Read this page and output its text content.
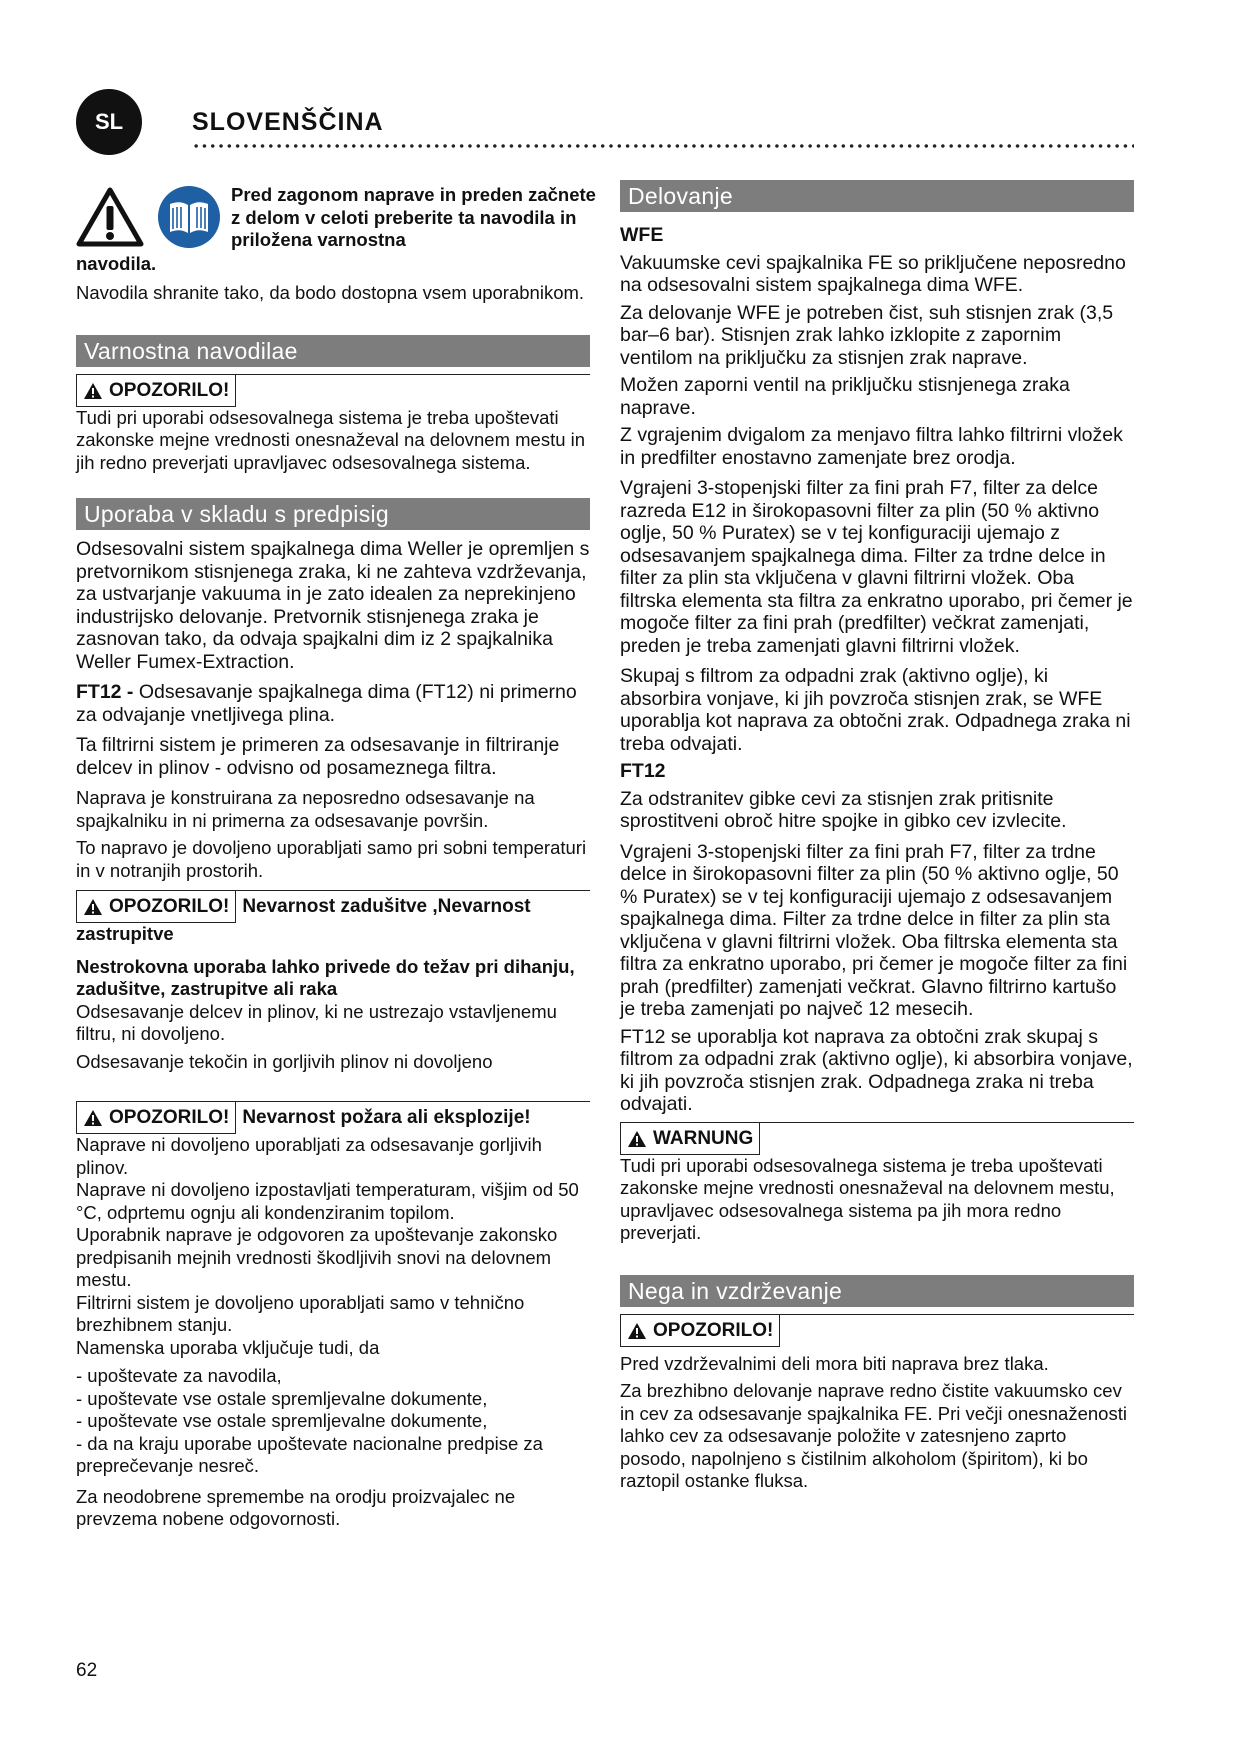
SL	SLOVENŠČINA
Pred zagonom naprave in preden začnete z delom v celoti preberite ta navodila in priložena varnostna
navodila.

Navodila shranite tako, da bodo dostopna vsem uporabnikom.

Varnostna navodilae
OPOZORILO!

Tudi pri uporabi odsesovalnega sistema je treba upoštevati zakonske mejne vrednosti onesnaževal na delovnem mestu in jih redno preverjati upravljavec odsesovalnega sistema.

Uporaba v skladu s predpisig

Odsesovalni sistem spajkalnega dima Weller je opremljen s pretvornikom stisnjenega zraka, ki ne zahteva vzdrževanja, za ustvarjanje vakuuma in je zato idealen za neprekinjeno industrijsko delovanje. Pretvornik stisnjenega zraka je zasnovan tako, da odvaja spajkalni dim iz 2 spajkalnika Weller Fumex-Extraction.

FT12 - Odsesavanje spajkalnega dima (FT12) ni primerno za odvajanje vnetljivega plina.

Ta filtrirni sistem je primeren za odsesavanje in filtriranje delcev in plinov - odvisno od posameznega filtra.

Naprava je konstruirana za neposredno odsesavanje na spajkalniku in ni primerna za odsesavanje površin.

To napravo je dovoljeno uporabljati samo pri sobni temperaturi in v notranjih prostorih.

OPOZORILO! Nevarnost zadušitve ,Nevarnost

zastrupitve

Nestrokovna uporaba lahko privede do težav pri dihanju, zadušitve, zastrupitve ali raka

Odsesavanje delcev in plinov, ki ne ustrezajo vstavljenemu filtru, ni dovoljeno.

Odsesavanje tekočin in gorljivih plinov ni dovoljeno

OPOZORILO! Nevarnost požara ali eksplozije!

Naprave ni dovoljeno uporabljati za odsesavanje gorljivih plinov.

Naprave ni dovoljeno izpostavljati temperaturam, višjim od 50 °C, odprtemu ognju ali kondenziranim topilom.

Uporabnik naprave je odgovoren za upoštevanje zakonsko predpisanih mejnih vrednosti škodljivih snovi na delovnem mestu.

Filtrirni sistem je dovoljeno uporabljati samo v tehnično brezhibnem stanju.

Namenska uporaba vključuje tudi, da

- upoštevate za navodila,
- upoštevate vse ostale spremljevalne dokumente,
- upoštevate vse ostale spremljevalne dokumente,
- da na kraju uporabe upoštevate nacionalne predpise za preprečevanje nesreč.

Za neodobrene spremembe na orodju proizvajalec ne prevzema nobene odgovornosti.

Delovanje

WFE

Vakuumske cevi spajkalnika FE so priključene neposredno na odsesovalni sistem spajkalnega dima WFE.

Za delovanje WFE je potreben čist, suh stisnjen zrak (3,5 bar–6 bar). Stisnjen zrak lahko izklopite z zapornim ventilom na priključku za stisnjen zrak naprave.

Možen zaporni ventil na priključku stisnjenega zraka naprave.

Z vgrajenim dvigalom za menjavo filtra lahko filtrirni vložek in predfilter enostavno zamenjate brez orodja.

Vgrajeni 3-stopenjski filter za fini prah F7, filter za delce razreda E12 in širokopasovni filter za plin (50 % aktivno oglje, 50 % Puratex) se v tej konfiguraciji ujemajo z odsesavanjem spajkalnega dima. Filter za trdne delce in filter za plin sta vključena v glavni filtrirni vložek. Oba filtrska elementa sta filtra za enkratno uporabo, pri čemer je mogoče filter za fini prah (predfilter) večkrat zamenjati, preden je treba zamenjati glavni filtrirni vložek.

Skupaj s filtrom za odpadni zrak (aktivno oglje), ki absorbira vonjave, ki jih povzroča stisnjen zrak, se WFE uporablja kot naprava za obtočni zrak. Odpadnega zraka ni treba odvajati.

FT12

Za odstranitev gibke cevi za stisnjen zrak pritisnite sprostitveni obroč hitre spojke in gibko cev izvlecite.

Vgrajeni 3-stopenjski filter za fini prah F7, filter za trdne delce in širokopasovni filter za plin (50 % aktivno oglje, 50 % Puratex) se v tej konfiguraciji ujemajo z odsesavanjem spajkalnega dima. Filter za trdne delce in filter za plin sta vključena v glavni filtrirni vložek. Oba filtrska elementa sta filtra za enkratno uporabo, pri čemer je mogoče filter za fini prah (predfilter) zamenjati večkrat. Glavno filtrirno kartušo je treba zamenjati po največ 12 mesecih.

FT12 se uporablja kot naprava za obtočni zrak skupaj s filtrom za odpadni zrak (aktivno oglje), ki absorbira vonjave, ki jih povzroča stisnjen zrak. Odpadnega zraka ni treba odvajati.

WARNUNG

Tudi pri uporabi odsesovalnega sistema je treba upoštevati zakonske mejne vrednosti onesnaževal na delovnem mestu, upravljavec odsesovalnega sistema pa jih mora redno preverjati.

Nega in vzdrževanje
OPOZORILO!

Pred vzdrževalnimi deli mora biti naprava brez tlaka.

Za brezhibno delovanje naprave redno čistite vakuumsko cev in cev za odsesavanje spajkalnika FE. Pri večji onesnaženosti lahko cev za odsesavanje položite v zatesnjeno zaprto posodo, napolnjeno s čistilnim alkoholom (špiritom), ki bo raztopil ostanke fluksa.

62
